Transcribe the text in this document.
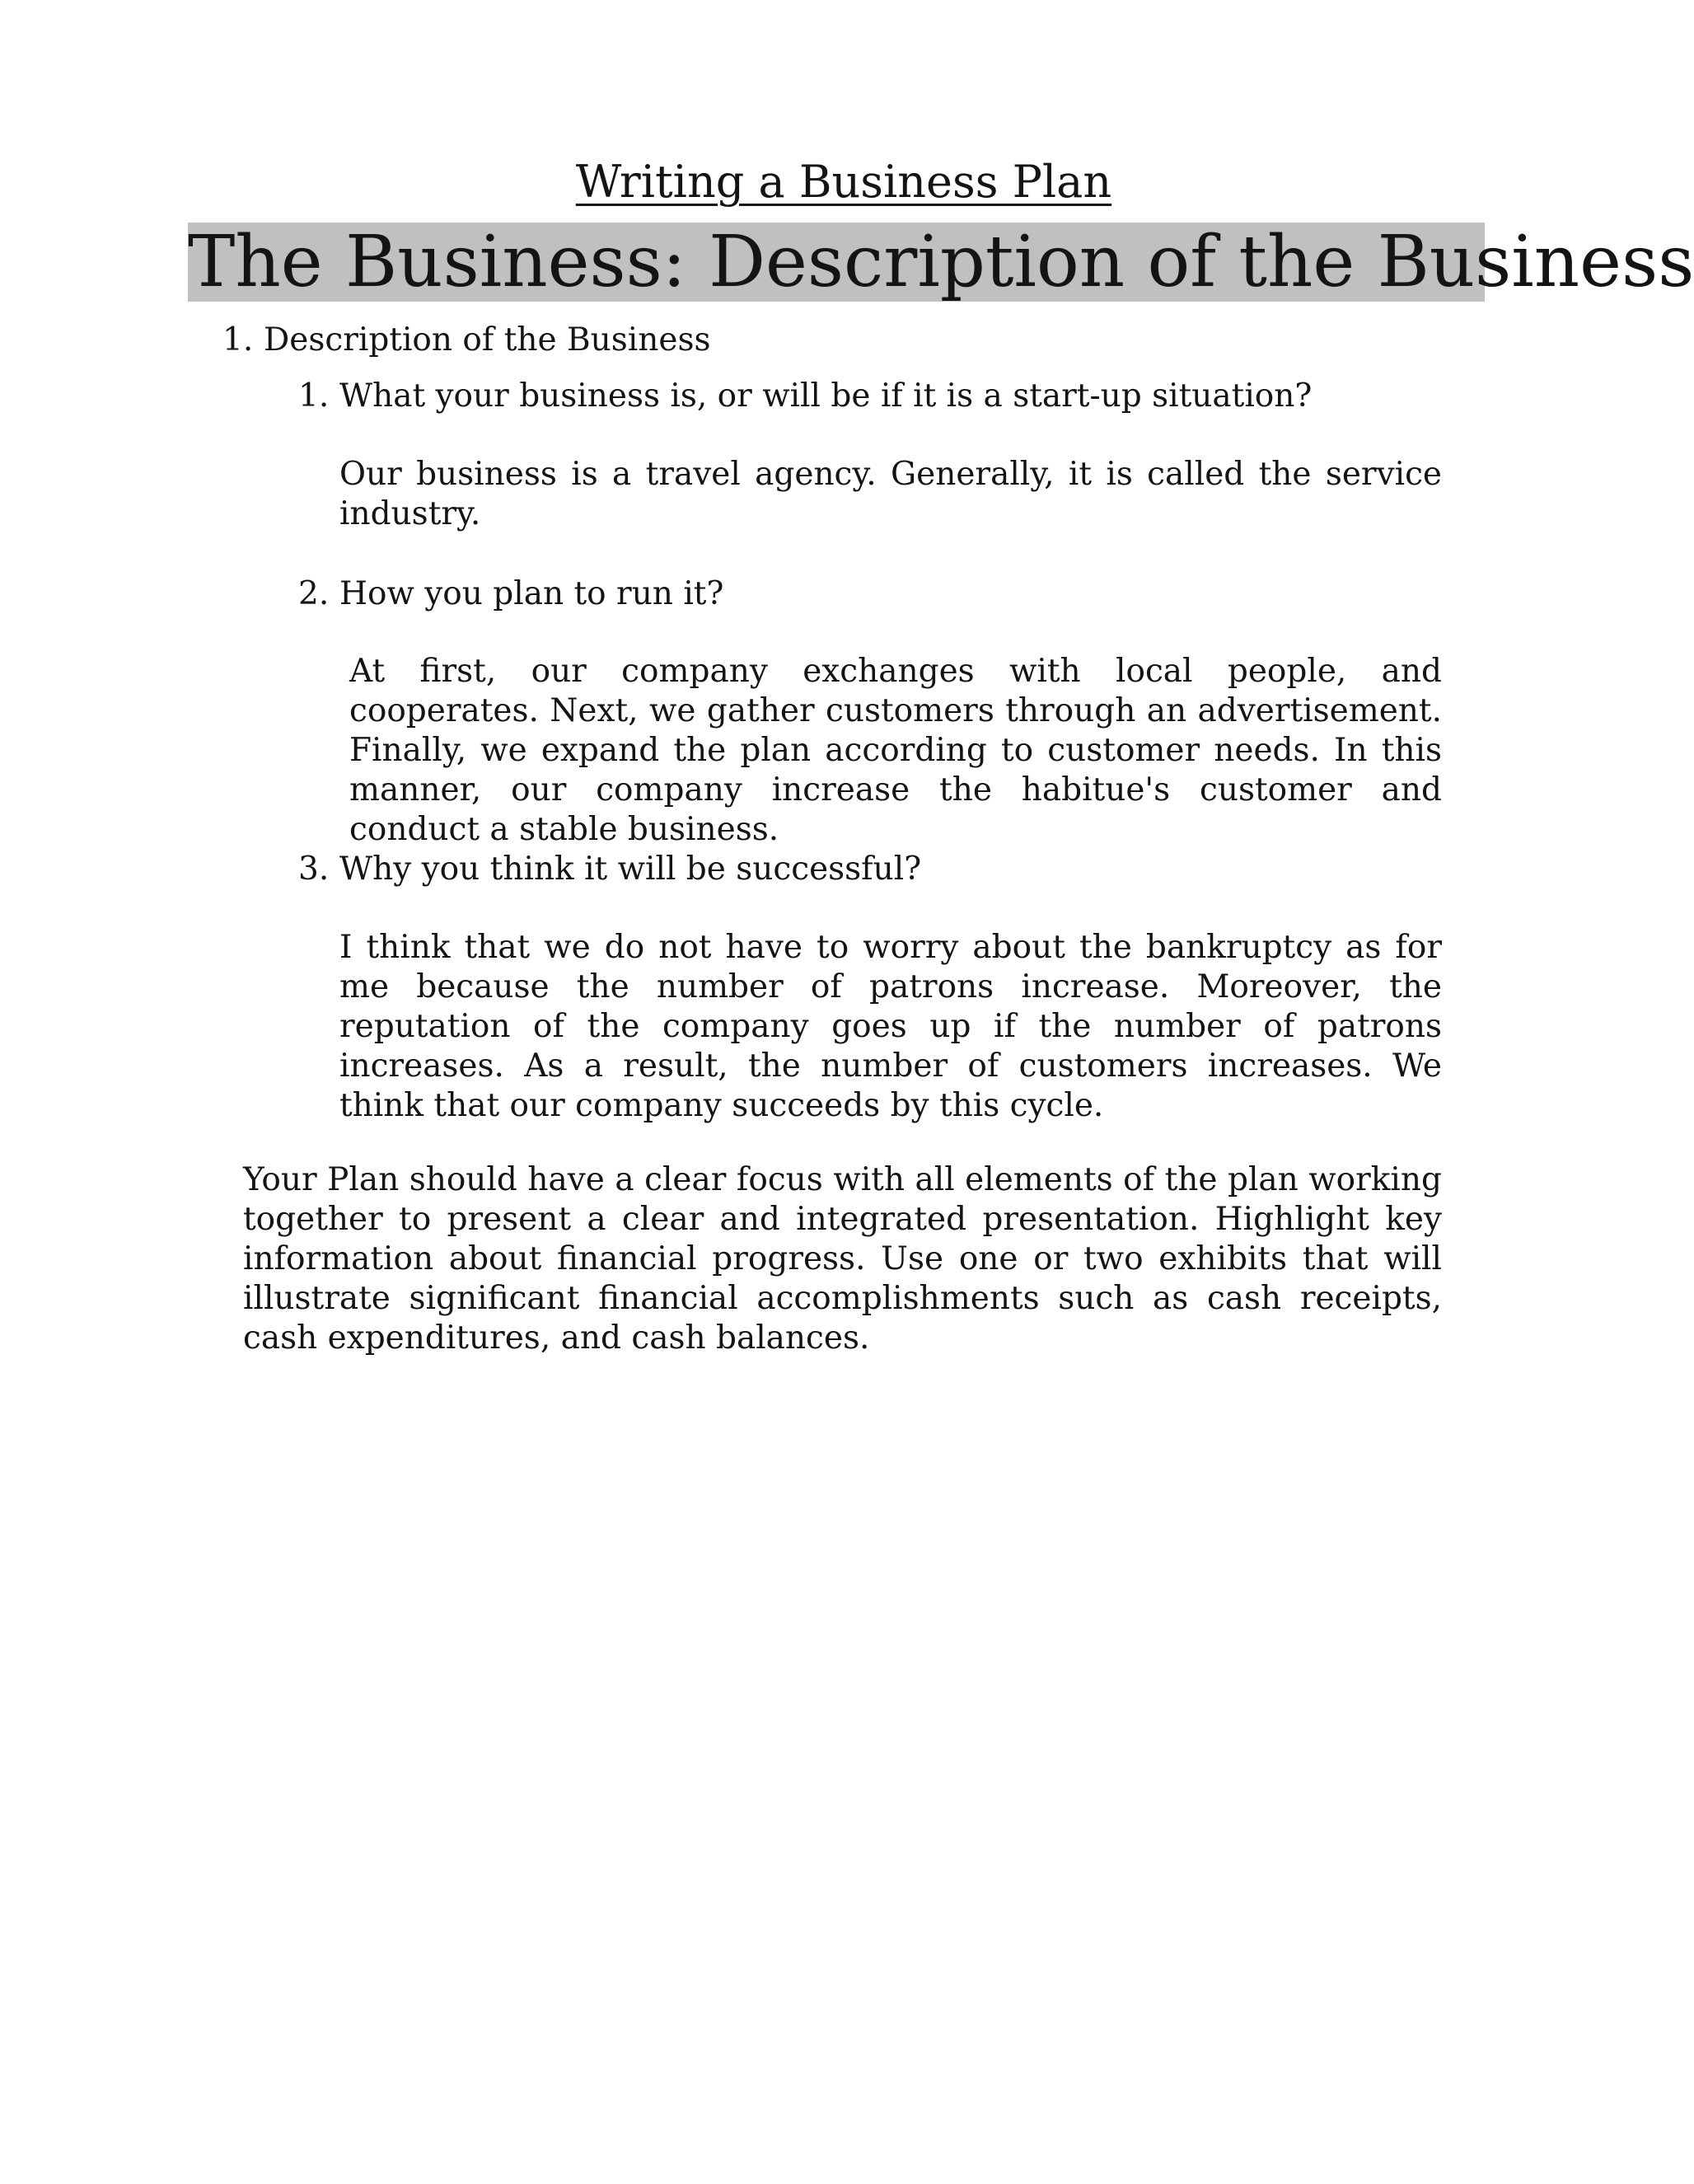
Writing a Business Plan
The Business: Description of the Business
1. Description of the Business
1. What your business is, or will be if it is a start-up situation?

Our business is a travel agency. Generally, it is called the service industry.

2. How you plan to run it?

At first, our company exchanges with local people, and cooperates. Next, we gather customers through an advertisement. Finally, we expand the plan according to customer needs. In this manner, our company increase the habitue's customer and conduct a stable business.

3. Why you think it will be successful?

I think that we do not have to worry about the bankruptcy as for me because the number of patrons increase. Moreover, the reputation of the company goes up if the number of patrons increases. As a result, the number of customers increases. We think that our company succeeds by this cycle.

Your Plan should have a clear focus with all elements of the plan working together to present a clear and integrated presentation. Highlight key information about financial progress. Use one or two exhibits that will illustrate significant financial accomplishments such as cash receipts, cash expenditures, and cash balances.
